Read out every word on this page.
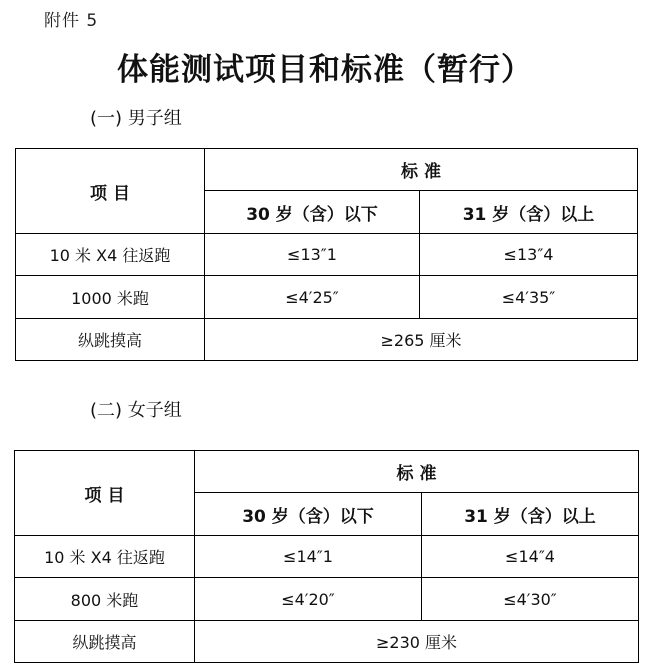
附件 5
体能测试项目和标准（暂行）
(一) 男子组
项 目	标 准	
	30 岁（含）以下	31 岁（含）以上
10 米 X4 往返跑	≤13″1	≤13″4
1000 米跑	≤4′25″	≤4′35″
纵跳摸高	≥265 厘米	
(二) 女子组
项 目	标 准	
	30 岁（含）以下	31 岁（含）以上
10 米 X4 往返跑	≤14″1	≤14″4
800 米跑	≤4′20″	≤4′30″
纵跳摸高	≥230 厘米	
